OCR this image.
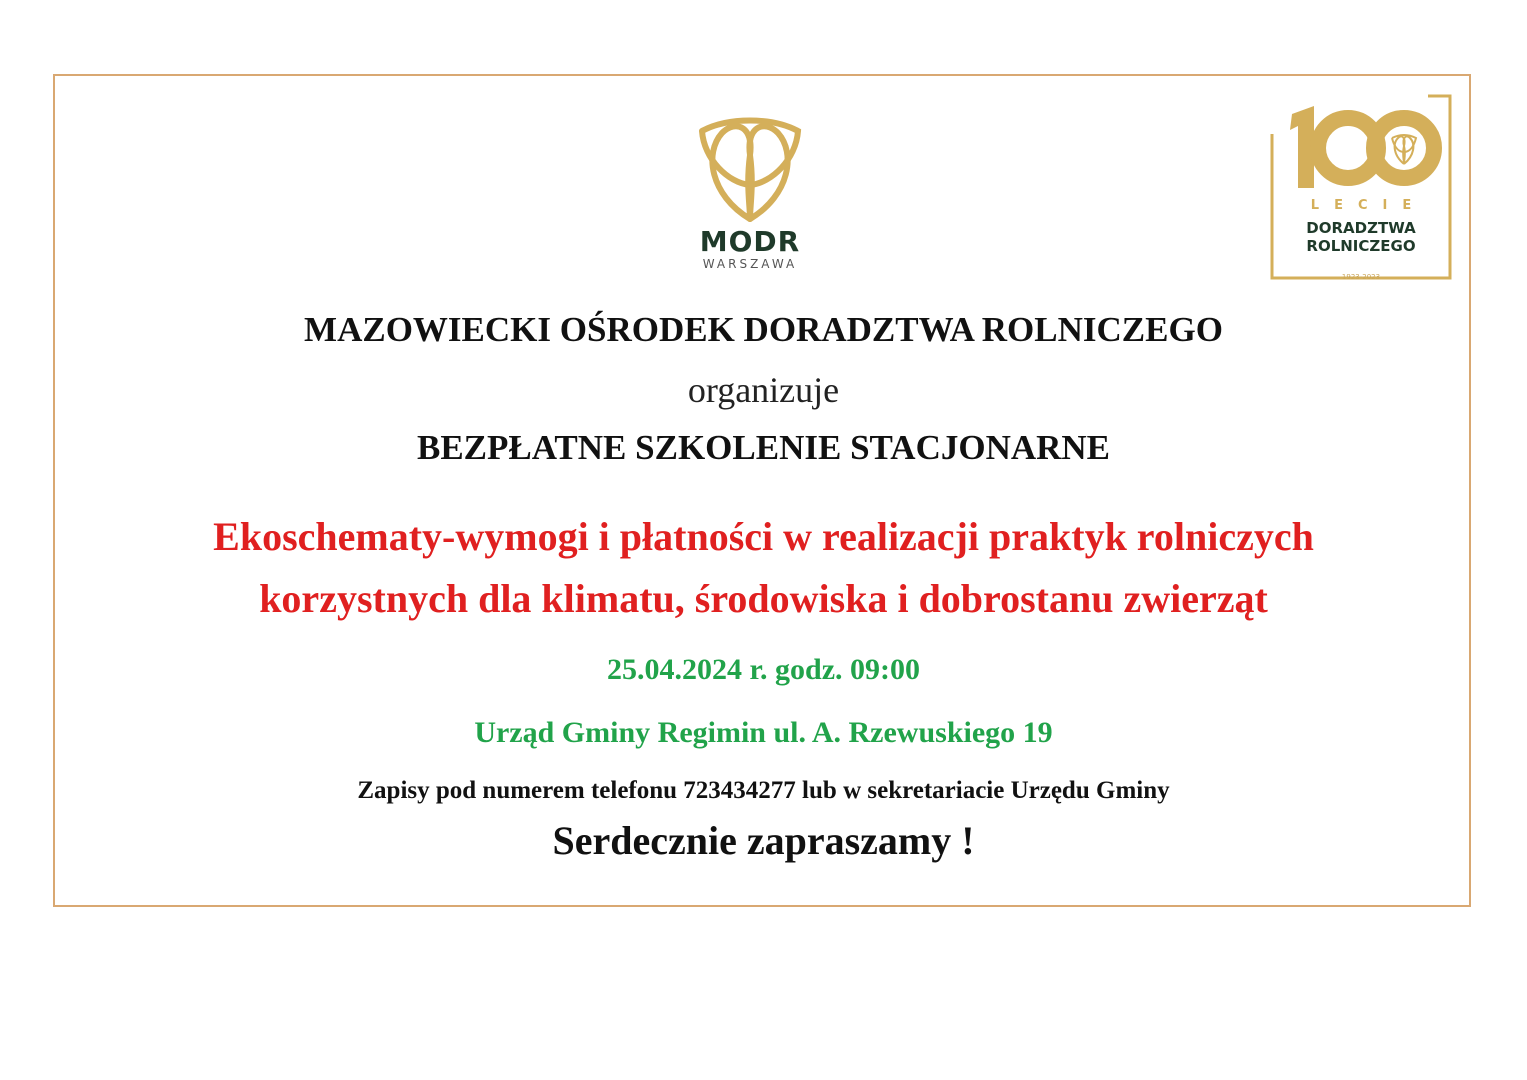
MODR
WARSZAWA
LECIE
DORADZTWA
ROLNICZEGO
1923-2023
MAZOWIECKI OŚRODEK DORADZTWA ROLNICZEGO
organizuje
BEZPŁATNE SZKOLENIE STACJONARNE
Ekoschematy-wymogi i płatności w realizacji praktyk rolniczych
korzystnych dla klimatu, środowiska i dobrostanu zwierząt
25.04.2024 r. godz. 09:00
Urząd Gminy Regimin ul. A. Rzewuskiego 19
Zapisy pod numerem telefonu 723434277 lub w sekretariacie Urzędu Gminy
Serdecznie zapraszamy !
